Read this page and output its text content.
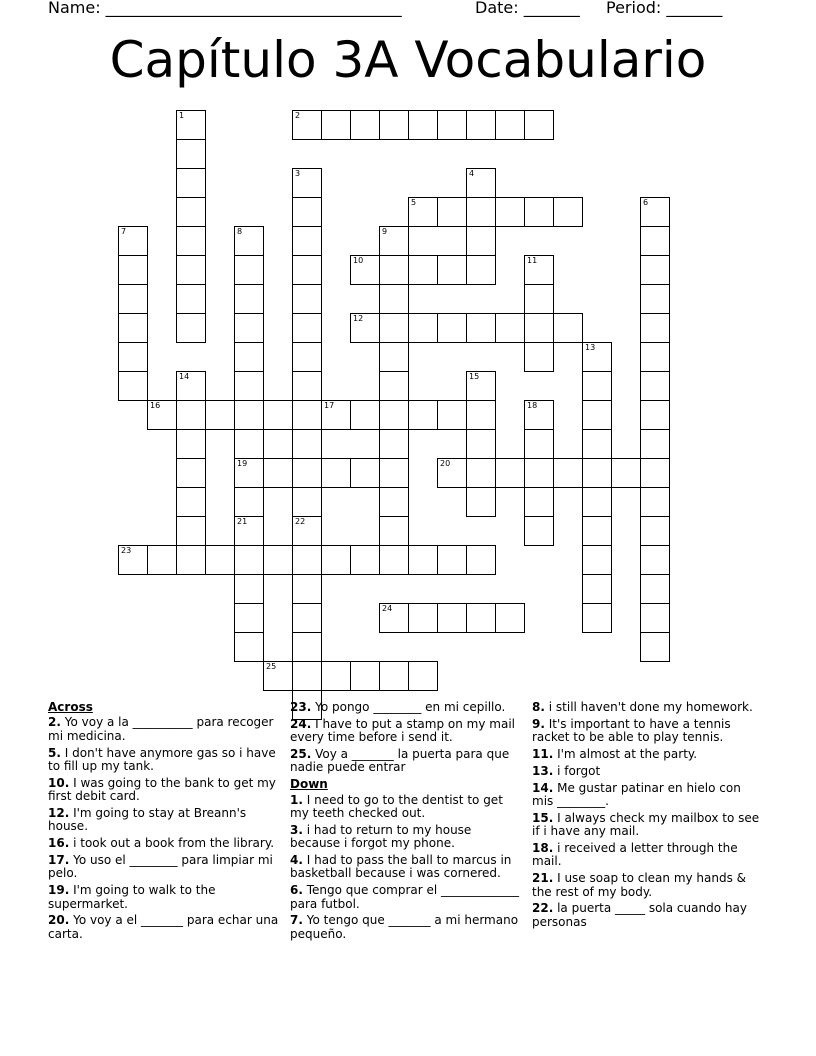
Name: _____________________________________	Date: _______ Period: _______
Capítulo 3A Vocabulario
2
5
10
12
16	17
19	20
23
24
25
1
3
22
4
6
7	8	9
11
13
14	15
18
21
Across
2. Yo voy a la __________ para recoger mi medicina.
5. I don't have anymore gas so i have to fill up my tank.
10. I was going to the bank to get my first debit card.
12. I'm going to stay at Breann's house.
16. i took out a book from the library.
17. Yo uso el ________ para limpiar mi pelo.
19. I'm going to walk to the supermarket.
20. Yo voy a el _______ para echar una carta.
23. Yo pongo ________ en mi cepillo.
24. I have to put a stamp on my mail every time before i send it.
25. Voy a _______ la puerta para que nadie puede entrar
Down
1. I need to go to the dentist to get my teeth checked out.
3. i had to return to my house because i forgot my phone.
4. I had to pass the ball to marcus in basketball because i was cornered.
6. Tengo que comprar el _____________ para futbol.
7. Yo tengo que _______ a mi hermano pequeño.
8. i still haven't done my homework.
9. It's important to have a tennis racket to be able to play tennis.
11. I'm almost at the party.
13. i forgot
14. Me gustar patinar en hielo con mis ________.
15. I always check my mailbox to see if i have any mail.
18. i received a letter through the mail.
21. I use soap to clean my hands & the rest of my body.
22. la puerta _____ sola cuando hay personas
